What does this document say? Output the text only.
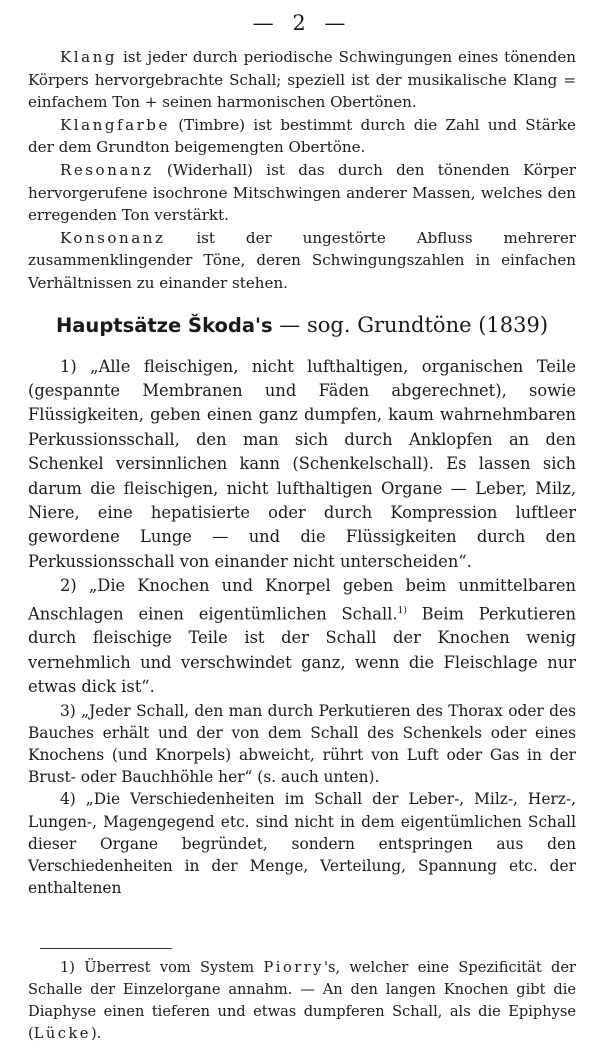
— 2 —

Klang ist jeder durch periodische Schwingungen eines tönenden Körpers hervorgebrachte Schall; speziell ist der musikalische Klang = einfachem Ton + seinen harmonischen Obertönen.

Klangfarbe (Timbre) ist bestimmt durch die Zahl und Stärke der dem Grundton beigemengten Obertöne.

Resonanz (Widerhall) ist das durch den tönenden Körper hervorgerufene isochrone Mitschwingen anderer Massen, welches den erregenden Ton verstärkt.

Konsonanz ist der ungestörte Abfluss mehrerer zusammenklingender Töne, deren Schwingungszahlen in einfachen Verhältnissen zu einander stehen.

Hauptsätze Škoda's — sog. Grundtöne (1839)

1) „Alle fleischigen, nicht lufthaltigen, organischen Teile (gespannte Membranen und Fäden abgerechnet), sowie Flüssigkeiten, geben einen ganz dumpfen, kaum wahrnehmbaren Perkussionsschall, den man sich durch Anklopfen an den Schenkel versinnlichen kann (Schenkelschall). Es lassen sich darum die fleischigen, nicht lufthaltigen Organe — Leber, Milz, Niere, eine hepatisierte oder durch Kompression luftleer gewordene Lunge — und die Flüssigkeiten durch den Perkussionsschall von einander nicht unterscheiden“.

2) „Die Knochen und Knorpel geben beim unmittelbaren Anschlagen einen eigentümlichen Schall.$^{1)}$ Beim Perkutieren durch fleischige Teile ist der Schall der Knochen wenig vernehmlich und verschwindet ganz, wenn die Fleischlage nur etwas dick ist“.

3) „Jeder Schall, den man durch Perkutieren des Thorax oder des Bauches erhält und der von dem Schall des Schenkels oder eines Knochens (und Knorpels) abweicht, rührt von Luft oder Gas in der Brust- oder Bauchhöhle her“ (s. auch unten).

4) „Die Verschiedenheiten im Schall der Leber-, Milz-, Herz-, Lungen-, Magengegend etc. sind nicht in dem eigentümlichen Schall dieser Organe begründet, sondern entspringen aus den Verschiedenheiten in der Menge, Verteilung, Spannung etc. der enthaltenen

1) Überrest vom System Piorry's, welcher eine Spezificität der Schalle der Einzelorgane annahm. — An den langen Knochen gibt die Diaphyse einen tieferen und etwas dumpferen Schall, als die Epiphyse (Lücke).
